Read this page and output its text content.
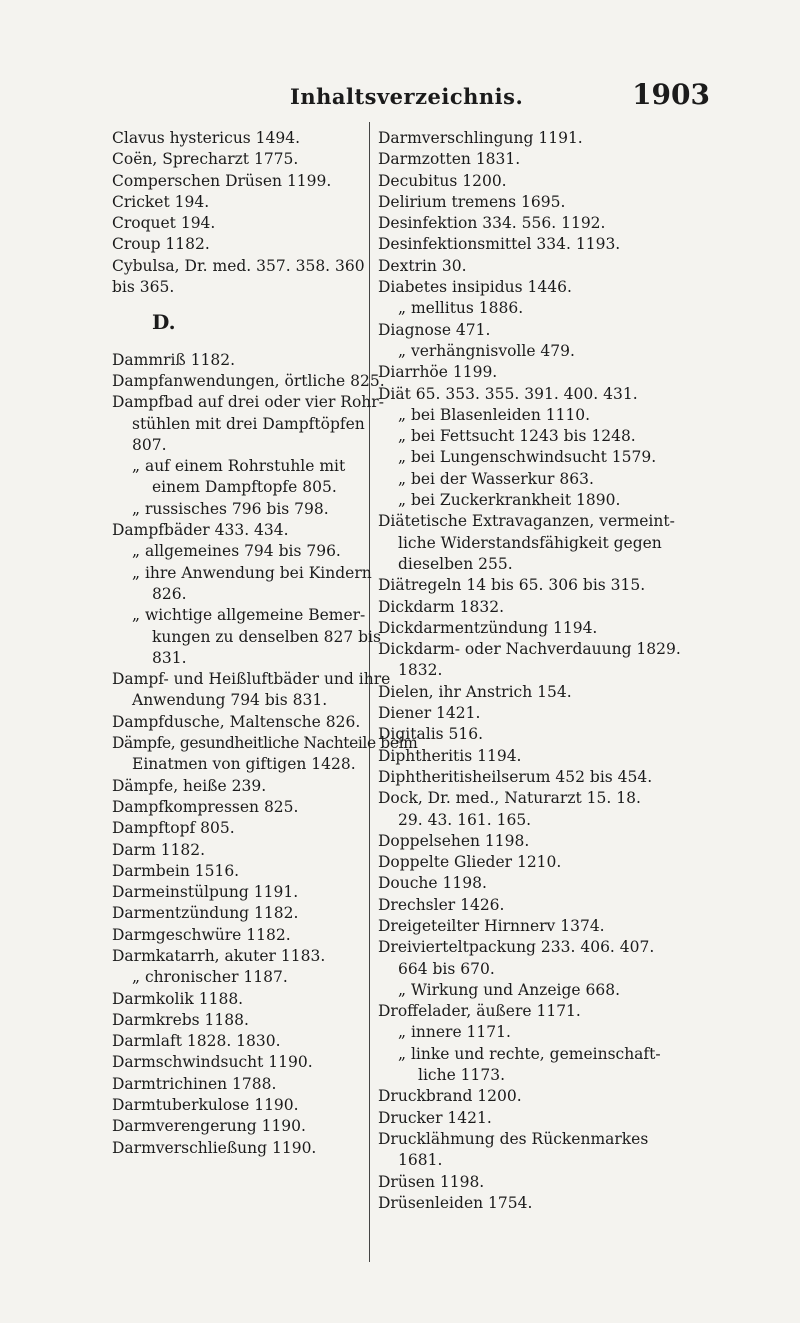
Inhaltsverzeichnis.	1903
Clavus hystericus 1494.
Coën, Sprecharzt 1775.
Comperschen Drüsen 1199.
Cricket 194.
Croquet 194.
Croup 1182.
Cybulsa, Dr. med. 357. 358. 360
bis 365.
D.
Dammriß 1182.
Dampfanwendungen, örtliche 825.
Dampfbad auf drei oder vier Rohr-
stühlen mit drei Dampftöpfen
807.
„ auf einem Rohrstuhle mit
einem Dampftopfe 805.
„ russisches 796 bis 798.
Dampfbäder 433. 434.
„ allgemeines 794 bis 796.
„ ihre Anwendung bei Kindern
826.
„ wichtige allgemeine Bemer-
kungen zu denselben 827 bis
831.
Dampf- und Heißluftbäder und ihre
Anwendung 794 bis 831.
Dampfdusche, Maltensche 826.
Dämpfe, gesundheitliche Nachteile beim
Einatmen von giftigen 1428.
Dämpfe, heiße 239.
Dampfkompressen 825.
Dampftopf 805.
Darm 1182.
Darmbein 1516.
Darmeinstülpung 1191.
Darmentzündung 1182.
Darmgeschwüre 1182.
Darmkatarrh, akuter 1183.
„ chronischer 1187.
Darmkolik 1188.
Darmkrebs 1188.
Darmlaft 1828. 1830.
Darmschwindsucht 1190.
Darmtrichinen 1788.
Darmtuberkulose 1190.
Darmverengerung 1190.
Darmverschließung 1190.
Darmverschlingung 1191.
Darmzotten 1831.
Decubitus 1200.
Delirium tremens 1695.
Desinfektion 334. 556. 1192.
Desinfektionsmittel 334. 1193.
Dextrin 30.
Diabetes insipidus 1446.
„ mellitus 1886.
Diagnose 471.
„ verhängnisvolle 479.
Diarrhöe 1199.
Diät 65. 353. 355. 391. 400. 431.
„ bei Blasenleiden 1110.
„ bei Fettsucht 1243 bis 1248.
„ bei Lungenschwindsucht 1579.
„ bei der Wasserkur 863.
„ bei Zuckerkrankheit 1890.
Diätetische Extravaganzen, vermeint-
liche Widerstandsfähigkeit gegen
dieselben 255.
Diätregeln 14 bis 65. 306 bis 315.
Dickdarm 1832.
Dickdarmentzündung 1194.
Dickdarm- oder Nachverdauung 1829.
1832.
Dielen, ihr Anstrich 154.
Diener 1421.
Digitalis 516.
Diphtheritis 1194.
Diphtheritisheilserum 452 bis 454.
Dock, Dr. med., Naturarzt 15. 18.
29. 43. 161. 165.
Doppelsehen 1198.
Doppelte Glieder 1210.
Douche 1198.
Drechsler 1426.
Dreigeteilter Hirnnerv 1374.
Dreivierteltpackung 233. 406. 407.
664 bis 670.
„ Wirkung und Anzeige 668.
Droffelader, äußere 1171.
„ innere 1171.
„ linke und rechte, gemeinschaft-
liche 1173.
Druckbrand 1200.
Drucker 1421.
Drucklähmung des Rückenmarkes
1681.
Drüsen 1198.
Drüsenleiden 1754.
